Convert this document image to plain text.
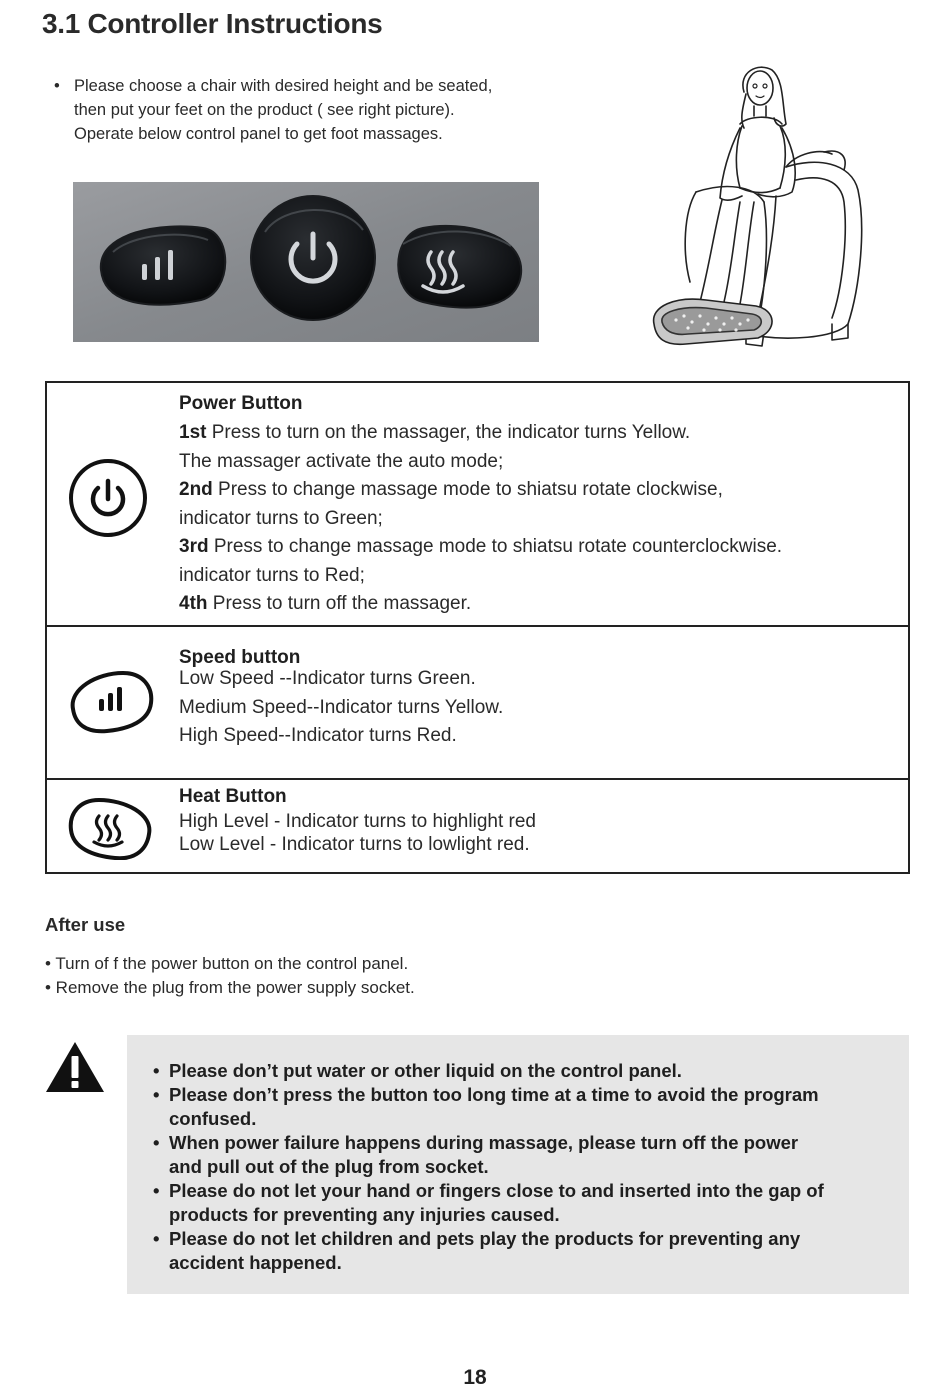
3.1 Controller Instructions
• Please choose a chair with desired height and be seated,
then put your feet on the product ( see right picture).
Operate below control panel to get foot massages.
Power Button
1st Press to turn on the massager, the indicator turns Yellow.
The massager activate the auto mode;
2nd Press to change massage mode to shiatsu rotate clockwise,
indicator turns to Green;
3rd Press to change massage mode to shiatsu rotate counterclockwise.
indicator turns to Red;
4th Press to turn off the massager.
Speed button
Low Speed --Indicator turns Green.
Medium Speed--Indicator turns Yellow.
High Speed--Indicator turns Red.
Heat Button
High Level - Indicator turns to highlight red
Low Level - Indicator turns to lowlight red.
After use
• Turn of f the power button on the control panel.
• Remove the plug from the power supply socket.
• Please don’t put water or other liquid on the control panel.
• Please don’t press the button too long time at a time to avoid the program
confused.
• When power failure happens during massage, please turn off the power
and pull out of the plug from socket.
• Please do not let your hand or fingers close to and inserted into the gap of
products for preventing any injuries caused.
• Please do not let children and pets play the products for preventing any
accident happened.
18
